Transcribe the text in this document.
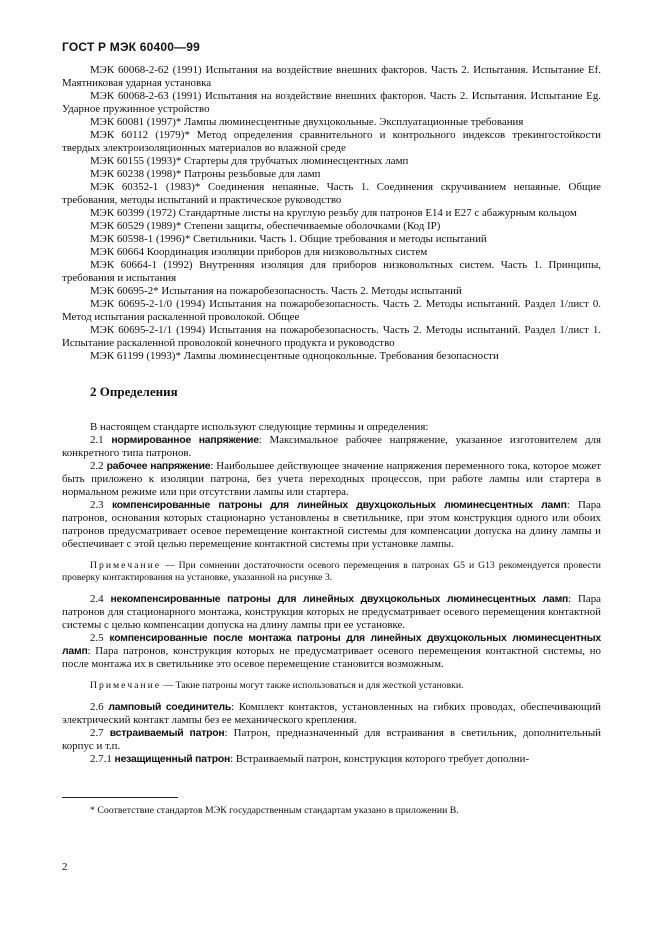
ГОСТ Р МЭК 60400—99

МЭК 60068-2-62 (1991) Испытания на воздействие внешних факторов. Часть 2. Испытания. Испытание Ef. Маятниковая ударная установка

МЭК 60068-2-63 (1991) Испытания на воздействие внешних факторов. Часть 2. Испытания. Испытание Eg. Ударное пружинное устройство

МЭК 60081 (1997)* Лампы люминесцентные двухцокольные. Эксплуатационные требования

МЭК 60112 (1979)* Метод определения сравнительного и контрольного индексов трекингостойкости твердых электроизоляционных материалов во влажной среде

МЭК 60155 (1993)* Стартеры для трубчатых люминесцентных ламп

МЭК 60238 (1998)* Патроны резьбовые для ламп

МЭК 60352-1 (1983)* Соединения непаяные. Часть 1. Соединения скручиванием непаяные. Общие требования, методы испытаний и практическое руководство

МЭК 60399 (1972) Стандартные листы на круглую резьбу для патронов Е14 и Е27 с абажурным кольцом

МЭК 60529 (1989)* Степени защиты, обеспечиваемые оболочками (Код IP)

МЭК 60598-1 (1996)* Светильники. Часть 1. Общие требования и методы испытаний

МЭК 60664 Координация изоляции приборов для низковольтных систем

МЭК 60664-1 (1992) Внутренняя изоляция для приборов низковольтных систем. Часть 1. Принципы, требования и испытания

МЭК 60695-2* Испытания на пожаробезопасность. Часть 2. Методы испытаний

МЭК 60695-2-1/0 (1994) Испытания на пожаробезопасность. Часть 2. Методы испытаний. Раздел 1/лист 0. Метод испытания раскаленной проволокой. Общее

МЭК 60695-2-1/1 (1994) Испытания на пожаробезопасность. Часть 2. Методы испытаний. Раздел 1/лист 1. Испытание раскаленной проволокой конечного продукта и руководство

МЭК 61199 (1993)* Лампы люминесцентные одноцокольные. Требования безопасности

2 Определения

В настоящем стандарте используют следующие термины и определения:

2.1 нормированное напряжение: Максимальное рабочее напряжение, указанное изготовителем для конкретного типа патронов.

2.2 рабочее напряжение: Наибольшее действующее значение напряжения переменного тока, которое может быть приложено к изоляции патрона, без учета переходных процессов, при работе лампы или стартера в нормальном режиме или при отсутствии лампы или стартера.

2.3 компенсированные патроны для линейных двухцокольных люминесцентных ламп: Пара патронов, основания которых стационарно установлены в светильнике, при этом конструкция одного или обоих патронов предусматривает осевое перемещение контактной системы для компенсации допуска на длину лампы и обеспечивает с этой целью перемещение контактной системы при установке лампы.

Примечание — При сомнении достаточности осевого перемещения в патронах G5 и G13 рекомендуется провести проверку контактирования на установке, указанной на рисунке 3.

2.4 некомпенсированные патроны для линейных двухцокольных люминесцентных ламп: Пара патронов для стационарного монтажа, конструкция которых не предусматривает осевого перемещения контактной системы с целью компенсации допуска на длину лампы при ее установке.

2.5 компенсированные после монтажа патроны для линейных двухцокольных люминесцентных ламп: Пара патронов, конструкция которых не предусматривает осевого перемещения контактной системы, но после монтажа их в светильнике это осевое перемещение становится возможным.

Примечание — Такие патроны могут также использоваться и для жесткой установки.

2.6 ламповый соединитель: Комплект контактов, установленных на гибких проводах, обеспечивающий электрический контакт лампы без ее механического крепления.

2.7 встраиваемый патрон: Патрон, предназначенный для встраивания в светильник, дополнительный корпус и т.п.

2.7.1 незащищенный патрон: Встраиваемый патрон, конструкция которого требует дополни-

* Соответствие стандартов МЭК государственным стандартам указано в приложении В.
2
